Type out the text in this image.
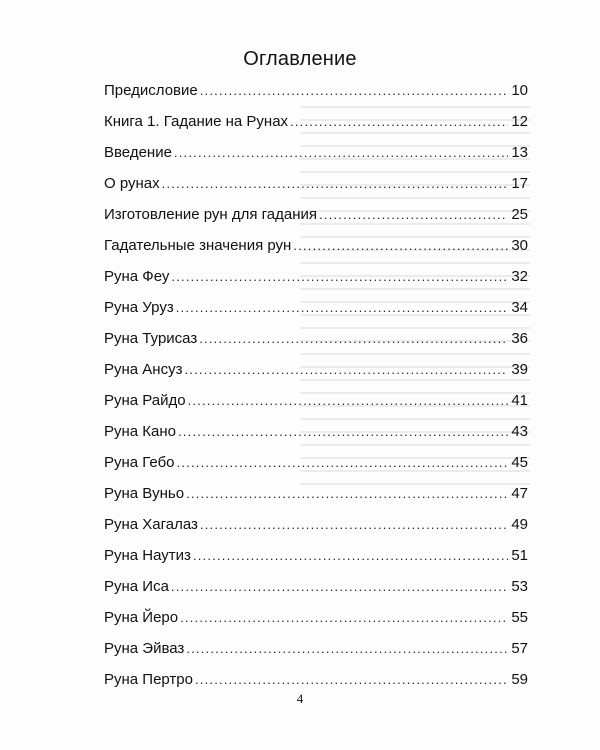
Оглавление
Предисловие .....	10
Книга 1. Гадание на Рунах .....	12
Введение .....	13
О рунах .....	17
Изготовление рун для гадания .....	25
Гадательные значения рун .....	30
Руна Феу .....	32
Руна Уруз .....	34
Руна Турисаз .....	36
Руна Ансуз .....	39
Руна Райдо .....	41
Руна Кано .....	43
Руна Гебо .....	45
Руна Вуньо .....	47
Руна Хагалаз .....	49
Руна Наутиз .....	51
Руна Иса .....	53
Руна Йеро .....	55
Руна Эйваз .....	57
Руна Пертро .....	59
4
